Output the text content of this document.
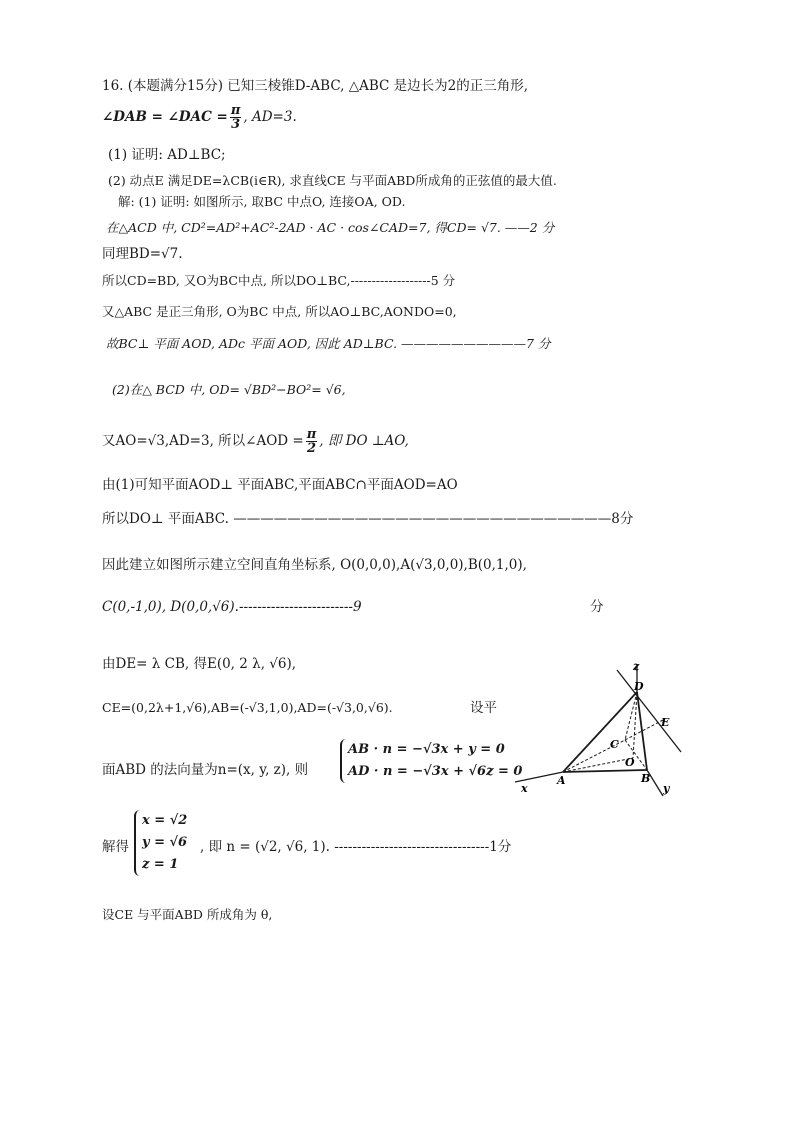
16. (本题满分15分) 已知三棱锥D-ABC, △ABC 是边长为2的正三角形,
∠DAB = ∠DAC = $\frac{\pi}{3}$ , AD=3.
(1) 证明: AD⊥BC;
(2) 动点E 满足DE=λCB(i∈R), 求直线CE 与平面ABD所成角的正弦值的最大值.
解: (1) 证明: 如图所示, 取BC 中点O, 连接OA, OD.
在△ACD 中, CD²=AD²+AC²-2AD · AC · cos∠CAD=7, 得CD= √7. ——2 分
同理BD=√7.
所以CD=BD, 又O为BC中点, 所以DO⊥BC,-------------------5 分
又△ABC 是正三角形, O为BC 中点, 所以AO⊥BC,AONDO=0,
故BC⊥ 平面 AOD, ADc 平面 AOD, 因此 AD⊥BC. ——————————7 分
(2)在△ BCD 中, OD= √BD²−BO²= √6,
又AO=√3,AD=3, 所以∠AOD = $\frac{\pi}{2}$ , 即 DO ⊥AO,
由(1)可知平面AOD⊥ 平面ABC,平面ABC∩平面AOD=AO
所以DO⊥ 平面ABC. ————————————————————————————8分
因此建立如图所示建立空间直角坐标系, O(0,0,0),A(√3,0,0),B(0,1,0),
C(0,-1,0), D(0,0,√6).-------------------------9	分
由DE= λ CB, 得E(0, 2 λ, √6),
CE=(0,2λ+1,√6),AB=(-√3,1,0),AD=(-√3,0,√6).	设平
面ABD 的法向量为n=(x, y, z), 则
AB · n = −√3x + y = 0
AD · n = −√3x + √6z = 0
解得
x = √2
y = √6
z = 1
, 即 n = (√2, √6, 1). ----------------------------------1分
设CE 与平面ABD 所成角为 θ,
z
D
E
C
O
A	B
x	y
